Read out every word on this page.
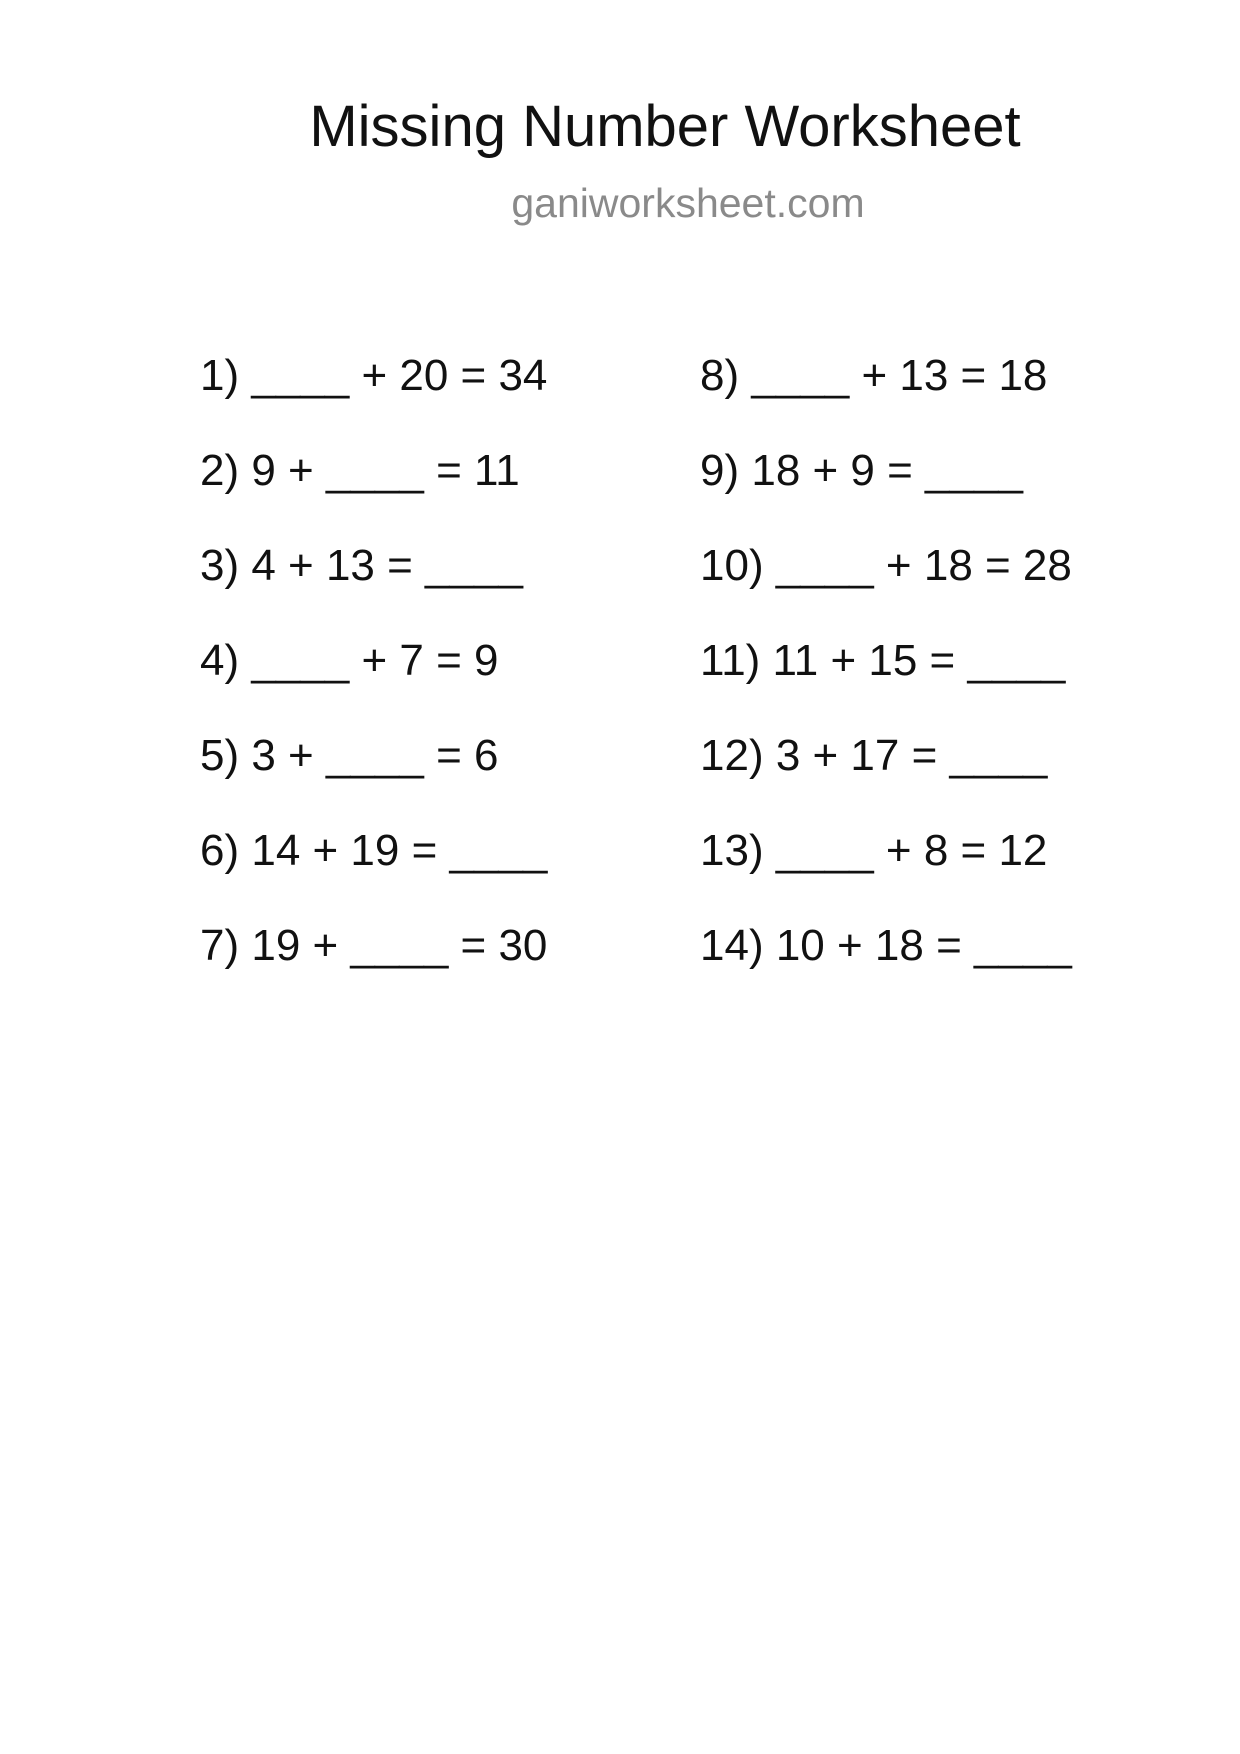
Missing Number Worksheet
ganiworksheet.com
1) ____ + 20 = 34
2) 9 + ____ = 11
3) 4 + 13 = ____
4) ____ + 7 = 9
5) 3 + ____ = 6
6) 14 + 19 = ____
7) 19 + ____ = 30
8) ____ + 13 = 18
9) 18 + 9 = ____
10) ____ + 18 = 28
11) 11 + 15 = ____
12) 3 + 17 = ____
13) ____ + 8 = 12
14) 10 + 18 = ____
